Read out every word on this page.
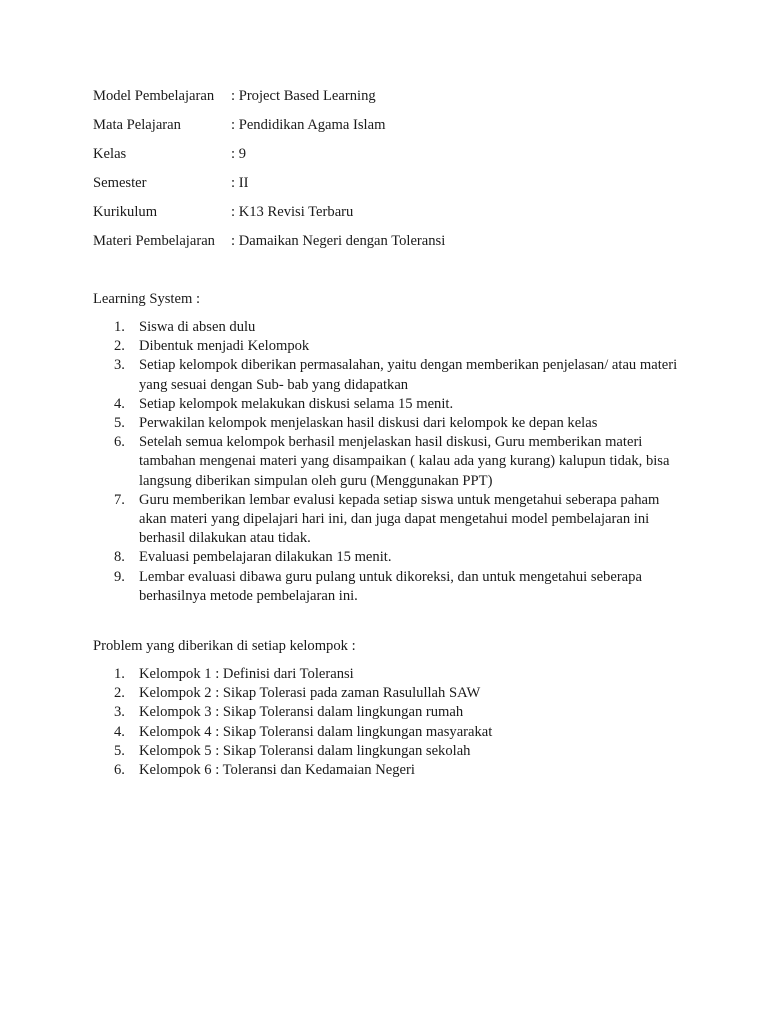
Model Pembelajaran : Project Based Learning
Mata Pelajaran	: Pendidikan Agama Islam
Kelas	: 9
Semester	: II
Kurikulum	: K13 Revisi Terbaru
Materi Pembelajaran : Damaikan Negeri dengan Toleransi
Learning System :
1. Siswa di absen dulu
2. Dibentuk menjadi Kelompok
3. Setiap kelompok diberikan permasalahan, yaitu dengan memberikan penjelasan/ atau materi yang sesuai dengan Sub- bab yang didapatkan
4. Setiap kelompok melakukan diskusi selama 15 menit.
5. Perwakilan kelompok menjelaskan hasil diskusi dari kelompok ke depan kelas
6. Setelah semua kelompok berhasil menjelaskan hasil diskusi, Guru memberikan materi tambahan mengenai materi yang disampaikan ( kalau ada yang kurang) kalupun tidak, bisa langsung diberikan simpulan oleh guru (Menggunakan PPT)
7. Guru memberikan lembar evalusi kepada setiap siswa untuk mengetahui seberapa paham akan materi yang dipelajari hari ini, dan juga dapat mengetahui model pembelajaran ini berhasil dilakukan atau tidak.
8. Evaluasi pembelajaran dilakukan 15 menit.
9. Lembar evaluasi dibawa guru pulang untuk dikoreksi, dan untuk mengetahui seberapa berhasilnya metode pembelajaran ini.
Problem yang diberikan di setiap kelompok :
1. Kelompok 1 : Definisi dari Toleransi
2. Kelompok 2 : Sikap Tolerasi pada zaman Rasulullah SAW
3. Kelompok 3 : Sikap Toleransi dalam lingkungan rumah
4. Kelompok 4 : Sikap Toleransi dalam lingkungan masyarakat
5. Kelompok 5 : Sikap Toleransi dalam lingkungan sekolah
6. Kelompok 6 : Toleransi dan Kedamaian Negeri
